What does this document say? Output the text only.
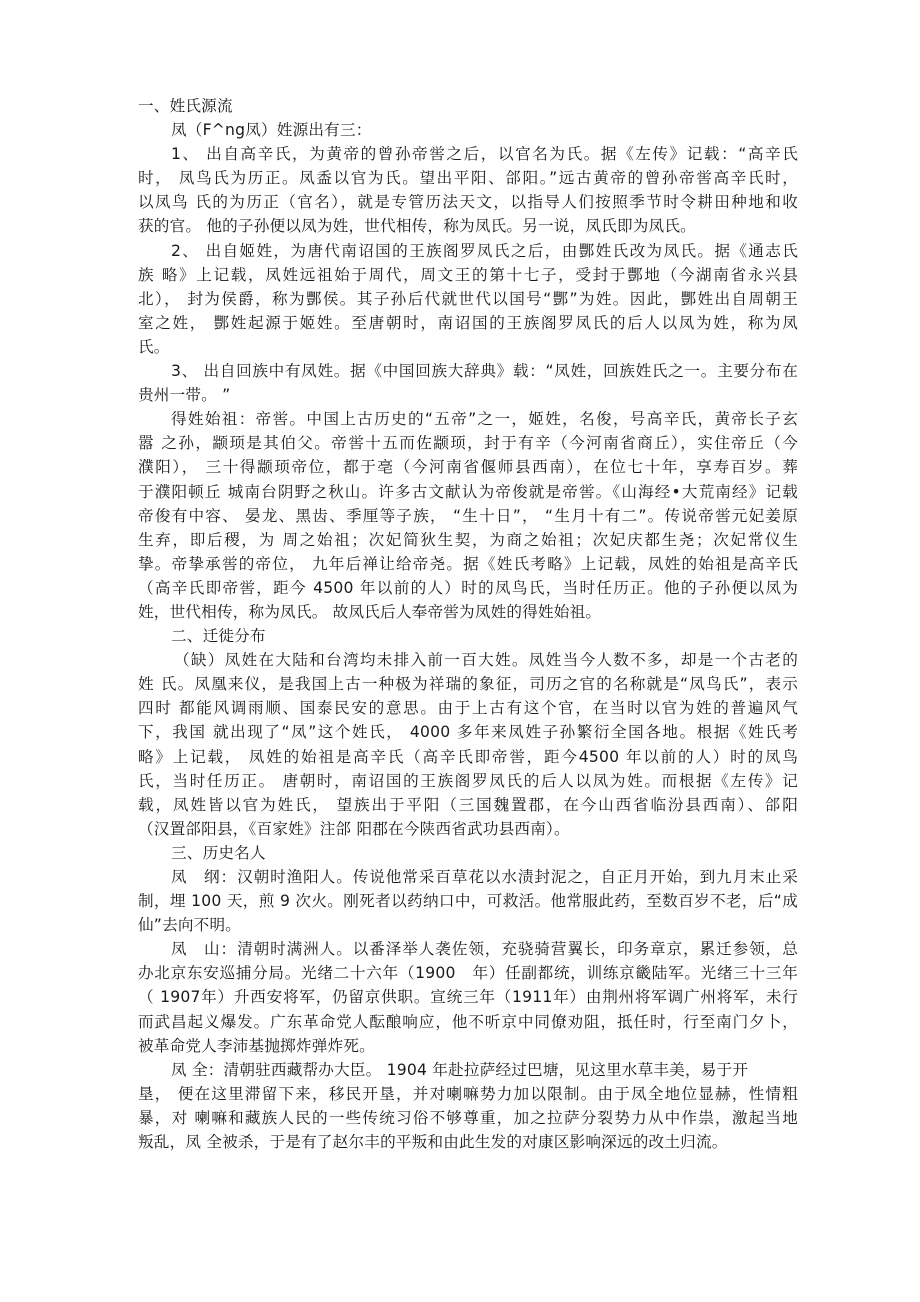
一、姓氏源流
凤（F^ng凤）姓源出有三：
1、 出自高辛氏，为黄帝的曾孙帝喾之后，以官名为氏。据《左传》记载：“高辛氏
时， 凤鸟氏为历正。凤盉以官为氏。望出平阳、郃阳。”远古黄帝的曾孙帝喾高辛氏时，
以凤鸟 氏的为历正（官名），就是专管历法天文，以指导人们按照季节时令耕田种地和收
获的官。 他的子孙便以凤为姓，世代相传，称为凤氏。另一说，凤氏即为凤氏。
2、 出自姬姓，为唐代南诏国的王族阁罗凤氏之后，由酆姓氏改为凤氏。据《通志氏
族 略》上记载，凤姓远祖始于周代，周文王的第十七子，受封于酆地（今湖南省永兴县
北）， 封为侯爵，称为酆侯。其子孙后代就世代以国号“酆”为姓。因此，酆姓出自周朝王
室之姓， 酆姓起源于姬姓。至唐朝时，南诏国的王族阁罗凤氏的后人以凤为姓，称为凤
氏。
3、 出自回族中有凤姓。据《中国回族大辞典》载：“凤姓，回族姓氏之一。主要分布在
贵州一带。 ”
得姓始祖：帝喾。中国上古历史的“五帝”之一，姬姓，名俊，号高辛氏，黄帝长子玄
嚣 之孙，颛顼是其伯父。帝喾十五而佐颛顼，封于有辛（今河南省商丘），实住帝丘（今
濮阳）， 三十得颛顼帝位，都于亳（今河南省偃师县西南），在位七十年，享寿百岁。葬
于濮阳顿丘 城南台阴野之秋山。许多古文献认为帝俊就是帝喾。《山海经•大荒南经》记载
帝俊有中容、 晏龙、黑齿、季厘等子族， “生十日”， “生月十有二”。传说帝喾元妃姜原
生弃，即后稷，为 周之始祖；次妃简狄生契，为商之始祖；次妃庆都生尧；次妃常仪生
挚。帝挚承喾的帝位， 九年后禅让给帝尧。据《姓氏考略》上记载，凤姓的始祖是高辛氏
（高辛氏即帝喾，距今 4500 年以前的人）时的凤鸟氏，当时任历正。他的子孙便以凤为
姓，世代相传，称为凤氏。 故凤氏后人奉帝喾为凤姓的得姓始祖。
二、迁徙分布
（缺）凤姓在大陆和台湾均未排入前一百大姓。凤姓当今人数不多，却是一个古老的
姓 氏。凤凰来仪，是我国上古一种极为祥瑞的象征，司历之官的名称就是“凤鸟氏”，表示
四时 都能风调雨顺、国泰民安的意思。由于上古有这个官，在当时以官为姓的普遍风气
下，我国 就出现了“凤”这个姓氏， 4000 多年来凤姓子孙繁衍全国各地。根据《姓氏考
略》上记载， 凤姓的始祖是高辛氏（高辛氏即帝喾，距今4500 年以前的人）时的凤鸟
氏，当时任历正。 唐朝时，南诏国的王族阁罗凤氏的后人以凤为姓。而根据《左传》记
载，凤姓皆以官为姓氏， 望族出于平阳（三国魏置郡，在今山西省临汾县西南）、郃阳
（汉置郃阳县，《百家姓》注郃 阳郡在今陕西省武功县西南）。
三、历史名人
凤　纲：汉朝时渔阳人。传说他常采百草花以水渍封泥之，自正月开始，到九月末止采
制，埋 100 天，煎 9 次火。刚死者以药纳口中，可救活。他常服此药，至数百岁不老，后“成
仙”去向不明。
凤　山：清朝时满洲人。以番泽举人袭佐领，充骁骑营翼长，印务章京，累迁参领，总
办北京东安巡捕分局。光绪二十六年（1900　年）任副都统，训练京畿陆军。光绪三十三年
（ 1907年）升西安将军，仍留京供职。宣统三年（1911年）由荆州将军调广州将军，未行
而武昌起义爆发。广东革命党人酝酿响应，他不听京中同僚劝阻，抵任时，行至南门夕卜，
被革命党人李沛基抛掷炸弹炸死。
凤 全：清朝驻西藏帮办大臣。 1904 年赴拉萨经过巴塘，见这里水草丰美，易于开
垦， 便在这里滞留下来，移民开垦，并对喇嘛势力加以限制。由于凤全地位显赫，性情粗
暴，对 喇嘛和藏族人民的一些传统习俗不够尊重，加之拉萨分裂势力从中作祟，激起当地
叛乱，凤 全被杀，于是有了赵尔丰的平叛和由此生发的对康区影响深远的改土归流。
